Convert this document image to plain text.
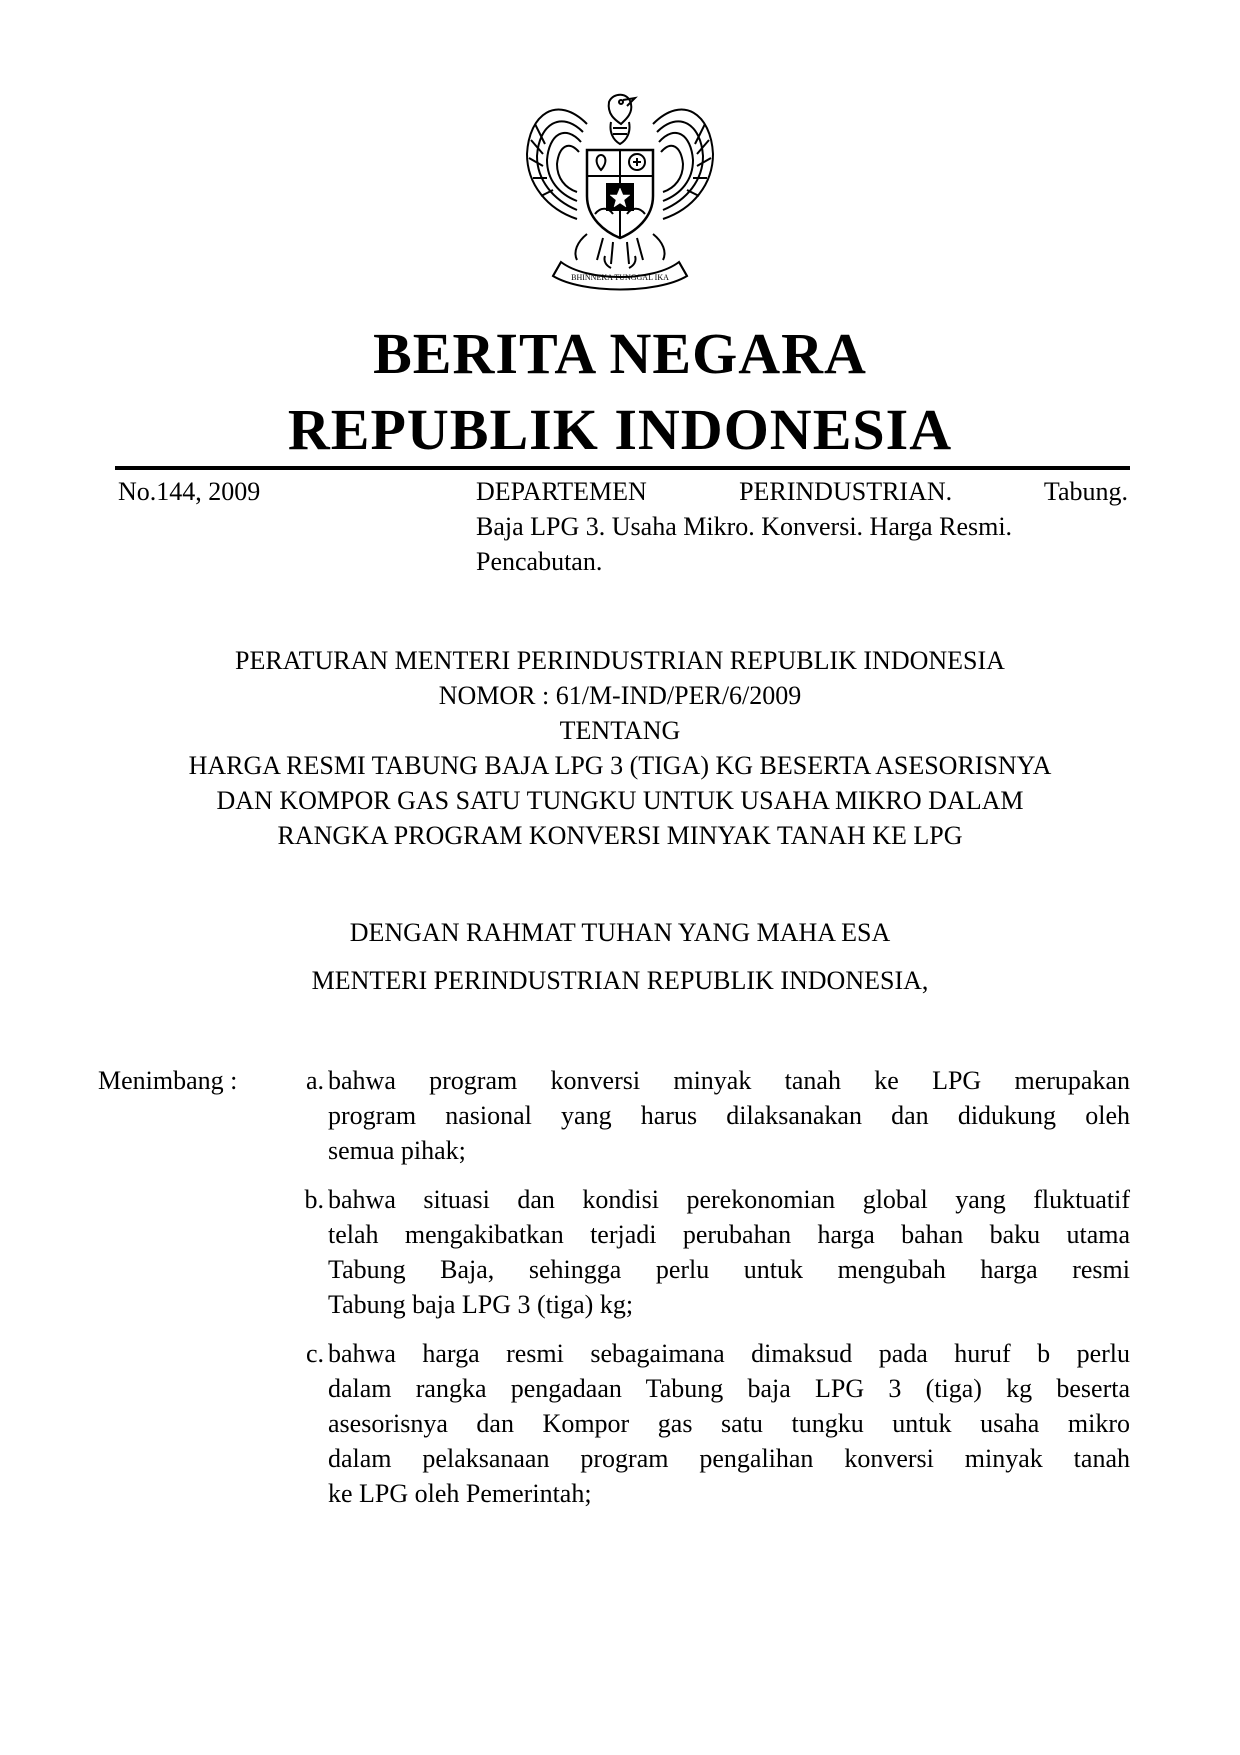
BHINNEKA TUNGGAL IKA
BERITA NEGARA
REPUBLIK INDONESIA
No.144, 2009	DEPARTEMEN PERINDUSTRIAN. Tabung.
Baja LPG 3. Usaha Mikro. Konversi. Harga Resmi.
Pencabutan.
PERATURAN MENTERI PERINDUSTRIAN REPUBLIK INDONESIA
NOMOR : 61/M-IND/PER/6/2009
TENTANG
HARGA RESMI TABUNG BAJA LPG 3 (TIGA) KG BESERTA ASESORISNYA
DAN KOMPOR GAS SATU TUNGKU UNTUK USAHA MIKRO DALAM
RANGKA PROGRAM KONVERSI MINYAK TANAH KE LPG
DENGAN RAHMAT TUHAN YANG MAHA ESA
MENTERI PERINDUSTRIAN REPUBLIK INDONESIA,
Menimbang :	a. bahwa program konversi minyak tanah ke LPG merupakan
program nasional yang harus dilaksanakan dan didukung oleh
semua pihak;
b. bahwa situasi dan kondisi perekonomian global yang fluktuatif
telah mengakibatkan terjadi perubahan harga bahan baku utama
Tabung Baja, sehingga perlu untuk mengubah harga resmi
Tabung baja LPG 3 (tiga) kg;
c. bahwa harga resmi sebagaimana dimaksud pada huruf b perlu
dalam rangka pengadaan Tabung baja LPG 3 (tiga) kg beserta
asesorisnya dan Kompor gas satu tungku untuk usaha mikro
dalam pelaksanaan program pengalihan konversi minyak tanah
ke LPG oleh Pemerintah;
